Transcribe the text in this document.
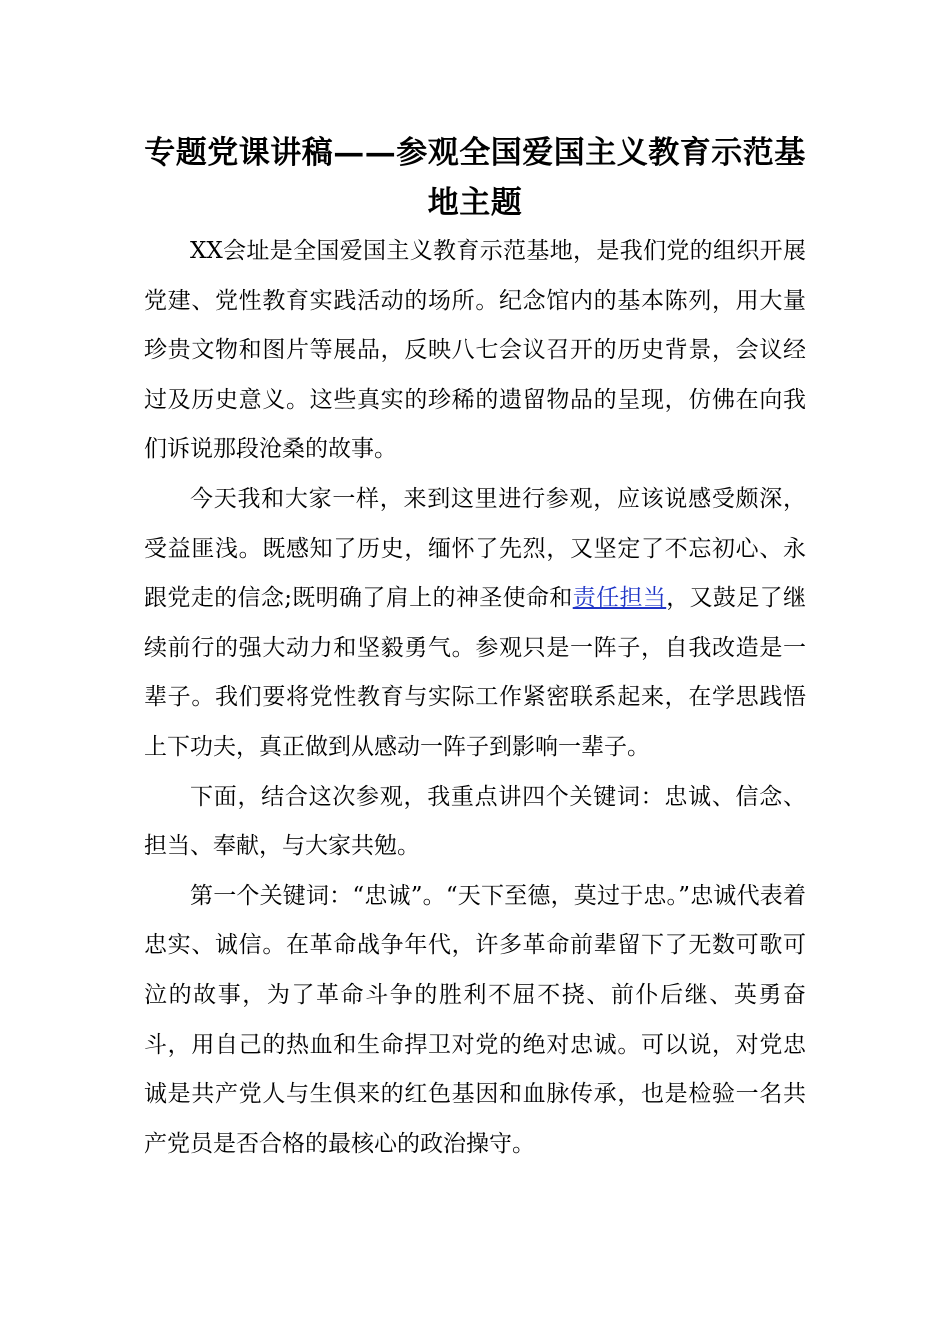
专题党课讲稿——参观全国爱国主义教育示范基地主题

XX会址是全国爱国主义教育示范基地，是我们党的组织开展党建、党性教育实践活动的场所。纪念馆内的基本陈列，用大量珍贵文物和图片等展品，反映八七会议召开的历史背景，会议经过及历史意义。这些真实的珍稀的遗留物品的呈现，仿佛在向我们诉说那段沧桑的故事。

今天我和大家一样，来到这里进行参观，应该说感受颇深，受益匪浅。既感知了历史，缅怀了先烈，又坚定了不忘初心、永跟党走的信念;既明确了肩上的神圣使命和责任担当，又鼓足了继续前行的强大动力和坚毅勇气。参观只是一阵子，自我改造是一辈子。我们要将党性教育与实际工作紧密联系起来，在学思践悟上下功夫，真正做到从感动一阵子到影响一辈子。

下面，结合这次参观，我重点讲四个关键词：忠诚、信念、担当、奉献，与大家共勉。

第一个关键词：“忠诚”。“天下至德，莫过于忠。”忠诚代表着忠实、诚信。在革命战争年代，许多革命前辈留下了无数可歌可泣的故事，为了革命斗争的胜利不屈不挠、前仆后继、英勇奋斗，用自己的热血和生命捍卫对党的绝对忠诚。可以说，对党忠诚是共产党人与生俱来的红色基因和血脉传承，也是检验一名共产党员是否合格的最核心的政治操守。
